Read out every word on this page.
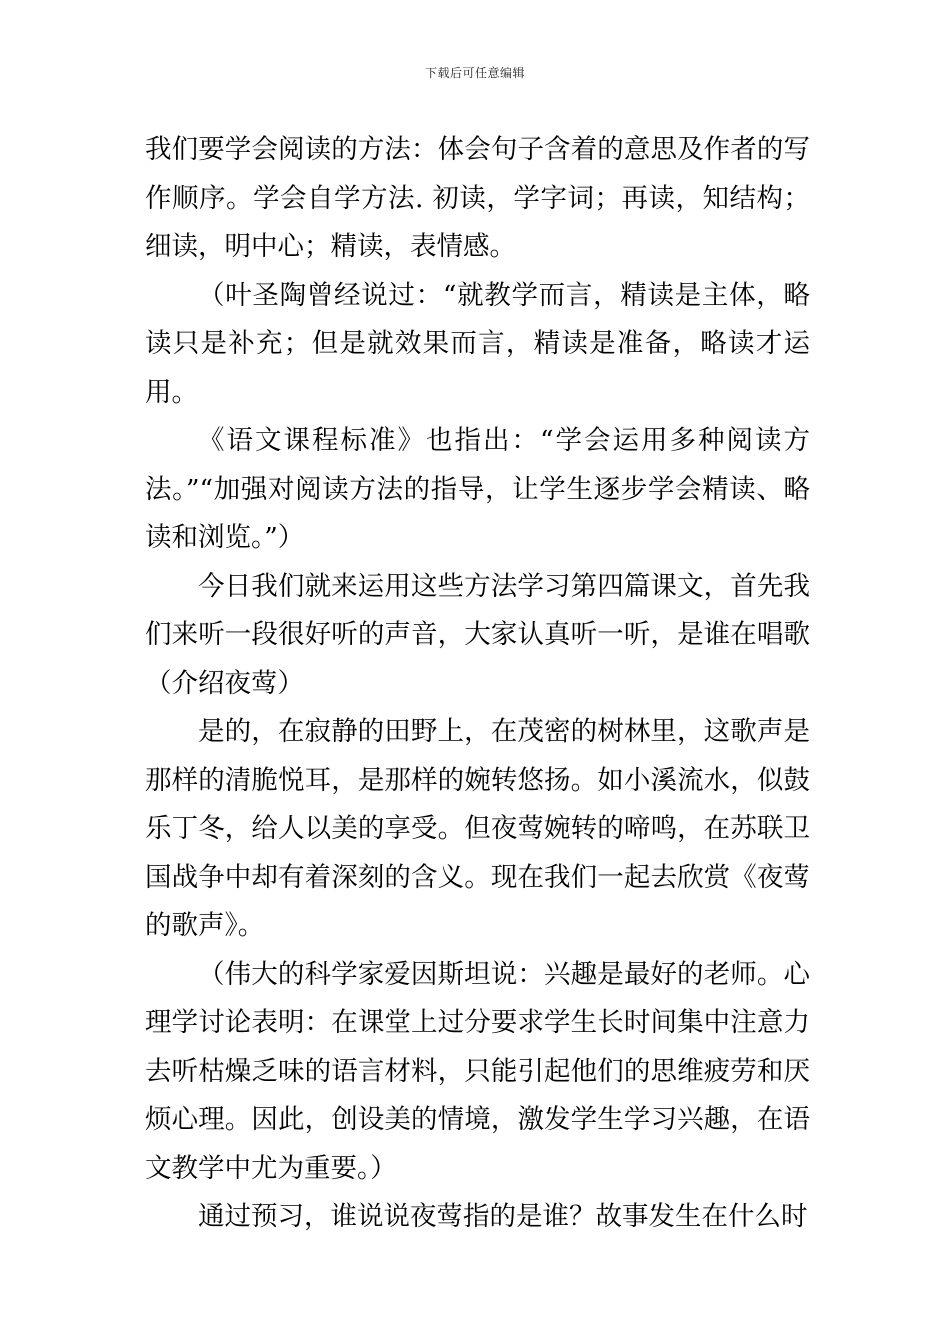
下载后可任意编辑

我们要学会阅读的方法：体会句子含着的意思及作者的写作顺序。学会自学方法. 初读，学字词；再读，知结构；细读，明中心；精读，表情感。

（叶圣陶曾经说过：“就教学而言，精读是主体，略读只是补充；但是就效果而言，精读是准备，略读才运用。

《语文课程标准》也指出：“学会运用多种阅读方法。”“加强对阅读方法的指导，让学生逐步学会精读、略读和浏览。”）

今日我们就来运用这些方法学习第四篇课文，首先我们来听一段很好听的声音，大家认真听一听，是谁在唱歌（介绍夜莺）

是的，在寂静的田野上，在茂密的树林里，这歌声是那样的清脆悦耳，是那样的婉转悠扬。如小溪流水，似鼓乐丁冬，给人以美的享受。但夜莺婉转的啼鸣，在苏联卫国战争中却有着深刻的含义。现在我们一起去欣赏《夜莺的歌声》。

（伟大的科学家爱因斯坦说：兴趣是最好的老师。心理学讨论表明：在课堂上过分要求学生长时间集中注意力去听枯燥乏味的语言材料，只能引起他们的思维疲劳和厌烦心理。因此，创设美的情境，激发学生学习兴趣，在语文教学中尤为重要。）

通过预习，谁说说夜莺指的是谁？故事发生在什么时
